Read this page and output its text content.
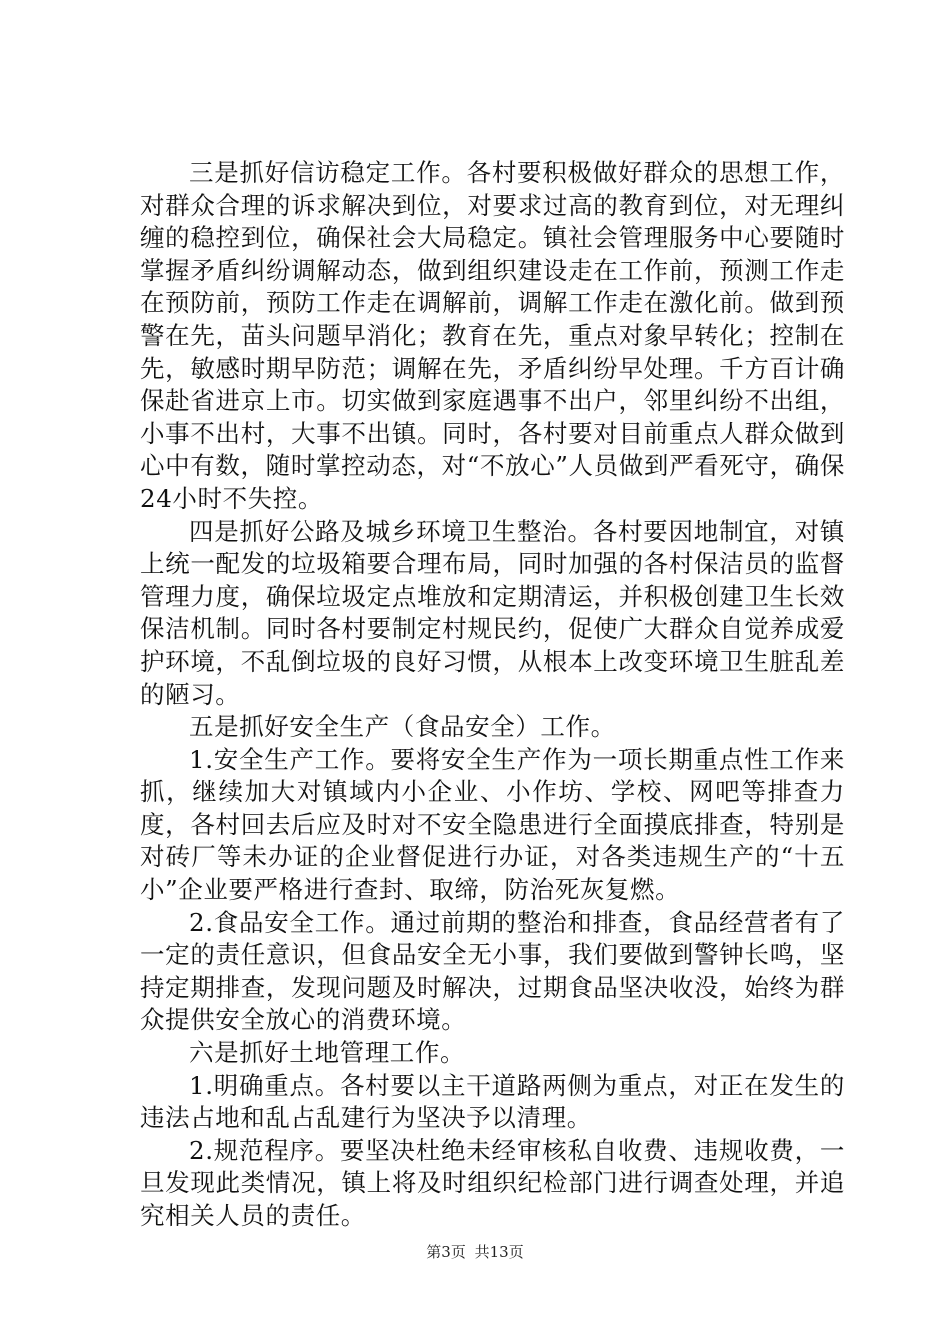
三是抓好信访稳定工作。各村要积极做好群众的思想工作，对群众合理的诉求解决到位，对要求过高的教育到位，对无理纠缠的稳控到位，确保社会大局稳定。镇社会管理服务中心要随时掌握矛盾纠纷调解动态，做到组织建设走在工作前，预测工作走在预防前，预防工作走在调解前，调解工作走在激化前。做到预警在先，苗头问题早消化；教育在先，重点对象早转化；控制在先，敏感时期早防范；调解在先，矛盾纠纷早处理。千方百计确保赴省进京上市。切实做到家庭遇事不出户，邻里纠纷不出组，小事不出村，大事不出镇。同时，各村要对目前重点人群众做到心中有数，随时掌控动态，对“不放心”人员做到严看死守，确保24小时不失控。

四是抓好公路及城乡环境卫生整治。各村要因地制宜，对镇上统一配发的垃圾箱要合理布局，同时加强的各村保洁员的监督管理力度，确保垃圾定点堆放和定期清运，并积极创建卫生长效保洁机制。同时各村要制定村规民约，促使广大群众自觉养成爱护环境，不乱倒垃圾的良好习惯，从根本上改变环境卫生脏乱差的陋习。

五是抓好安全生产（食品安全）工作。

1.安全生产工作。要将安全生产作为一项长期重点性工作来抓，继续加大对镇域内小企业、小作坊、学校、网吧等排查力度，各村回去后应及时对不安全隐患进行全面摸底排查，特别是对砖厂等未办证的企业督促进行办证，对各类违规生产的“十五小”企业要严格进行查封、取缔，防治死灰复燃。

2.食品安全工作。通过前期的整治和排查，食品经营者有了一定的责任意识，但食品安全无小事，我们要做到警钟长鸣，坚持定期排查，发现问题及时解决，过期食品坚决收没，始终为群众提供安全放心的消费环境。

六是抓好土地管理工作。

1.明确重点。各村要以主干道路两侧为重点，对正在发生的违法占地和乱占乱建行为坚决予以清理。

2.规范程序。要坚决杜绝未经审核私自收费、违规收费，一旦发现此类情况，镇上将及时组织纪检部门进行调查处理，并追究相关人员的责任。

第3页 共13页
